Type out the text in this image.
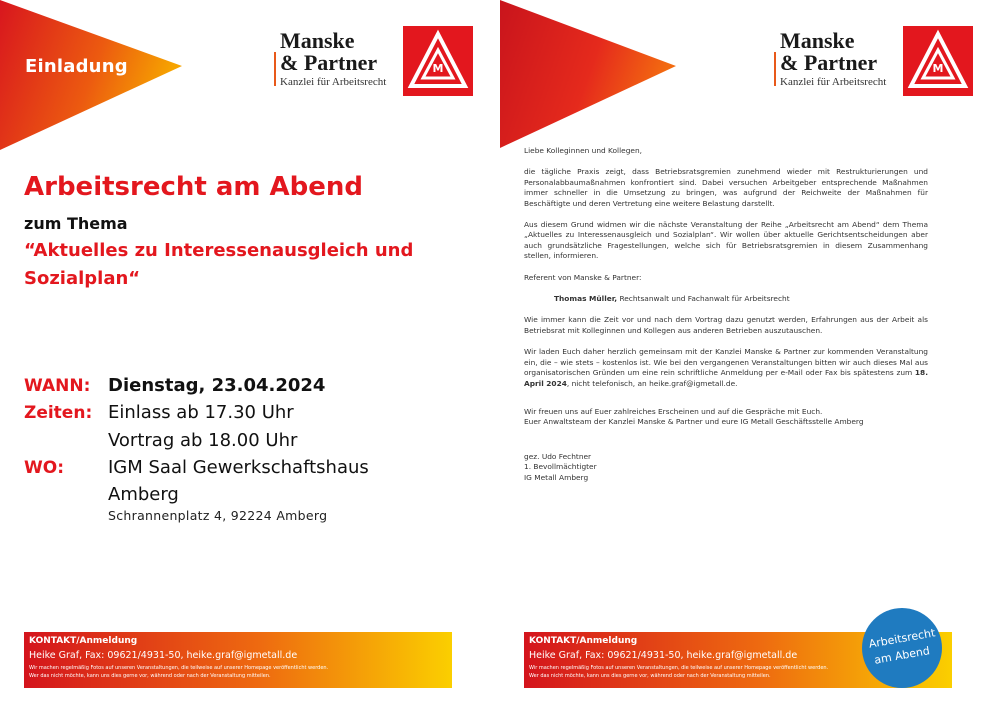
Einladung
Manske
& Partner
Kanzlei für Arbeitsrecht
M
Arbeitsrecht am Abend
zum Thema
“Aktuelles zu Interessenausgleich und Sozialplan“
WANN: Dienstag, 23.04.2024
Zeiten: Einlass ab 17.30 Uhr
Vortrag ab 18.00 Uhr
WO: IGM Saal Gewerkschaftshaus
Amberg
Schrannenplatz 4, 92224 Amberg
KONTAKT/Anmeldung
Heike Graf, Fax: 09621/4931-50, heike.graf@igmetall.de
Wir machen regelmäßig Fotos auf unseren Veranstaltungen, die teilweise auf unserer Homepage veröffentlicht werden.
Wer das nicht möchte, kann uns dies gerne vor, während oder nach der Veranstaltung mitteilen.
Manske
& Partner
Kanzlei für Arbeitsrecht
M

Liebe Kolleginnen und Kollegen,

die tägliche Praxis zeigt, dass Betriebsratsgremien zunehmend wieder mit Restrukturierungen und Personalabbaumaßnahmen konfrontiert sind. Dabei versuchen Arbeitgeber entsprechende Maßnahmen immer schneller in die Umsetzung zu bringen, was aufgrund der Reichweite der Maßnahmen für Beschäftigte und deren Vertretung eine weitere Belastung darstellt.

Aus diesem Grund widmen wir die nächste Veranstaltung der Reihe „Arbeitsrecht am Abend“ dem Thema „Aktuelles zu Interessenausgleich und Sozialplan“. Wir wollen über aktuelle Gerichtsentscheidungen aber auch grundsätzliche Fragestellungen, welche sich für Betriebsratsgremien in diesem Zusammenhang stellen, informieren.

Referent von Manske & Partner:

Thomas Müller, Rechtsanwalt und Fachanwalt für Arbeitsrecht

Wie immer kann die Zeit vor und nach dem Vortrag dazu genutzt werden, Erfahrungen aus der Arbeit als Betriebsrat mit Kolleginnen und Kollegen aus anderen Betrieben auszutauschen.

Wir laden Euch daher herzlich gemeinsam mit der Kanzlei Manske & Partner zur kommenden Veranstaltung ein, die – wie stets – kostenlos ist. Wie bei den vergangenen Veranstaltungen bitten wir auch dieses Mal aus organisatorischen Gründen um eine rein schriftliche Anmeldung per e-Mail oder Fax bis spätestens zum 18. April 2024, nicht telefonisch, an heike.graf@igmetall.de.

Wir freuen uns auf Euer zahlreiches Erscheinen und auf die Gespräche mit Euch.
Euer Anwaltsteam der Kanzlei Manske & Partner und eure IG Metall Geschäftsstelle Amberg

gez. Udo Fechtner
1. Bevollmächtigter
IG Metall Amberg

KONTAKT/Anmeldung
Heike Graf, Fax: 09621/4931-50, heike.graf@igmetall.de
Wir machen regelmäßig Fotos auf unseren Veranstaltungen, die teilweise auf unserer Homepage veröffentlicht werden.
Wer das nicht möchte, kann uns dies gerne vor, während oder nach der Veranstaltung mitteilen.
Arbeitsrecht
am Abend
